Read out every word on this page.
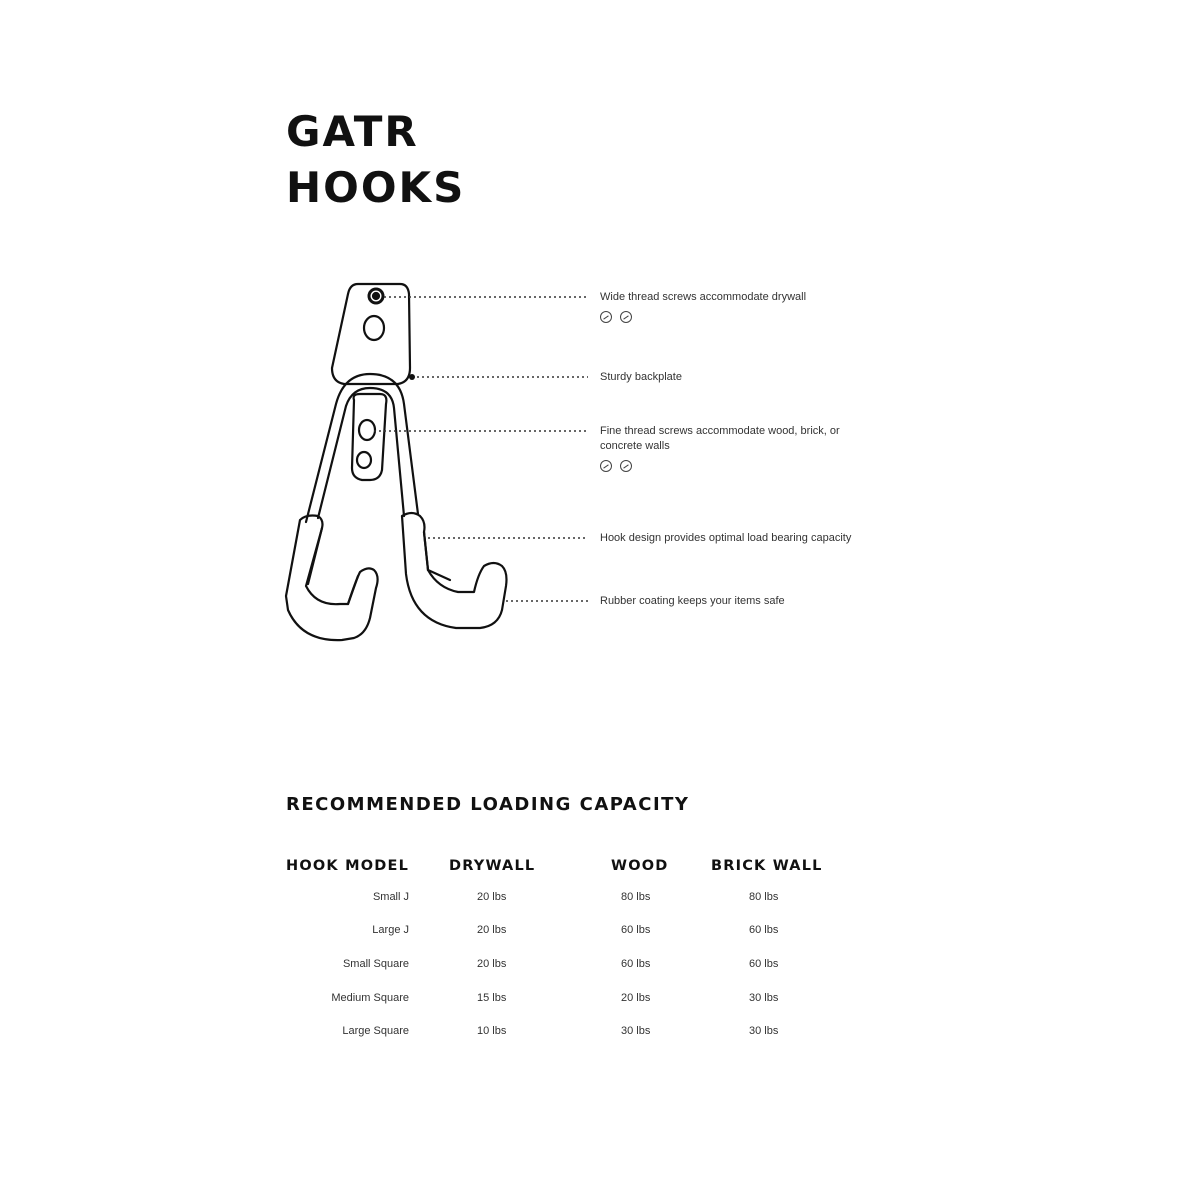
GATR
HOOKS
Wide thread screws accommodate drywall
Sturdy backplate
Fine thread screws accommodate wood, brick, or
concrete walls
Hook design provides optimal load bearing capacity
Rubber coating keeps your items safe
RECOMMENDED LOADING CAPACITY
HOOK MODEL	DRYWALL	WOOD	BRICK WALL
Small J	20 lbs	80 lbs	80 lbs
Large J	20 lbs	60 lbs	60 lbs
Small Square	20 lbs	60 lbs	60 lbs
Medium Square	15 lbs	20 lbs	30 lbs
Large Square	10 lbs	30 lbs	30 lbs
